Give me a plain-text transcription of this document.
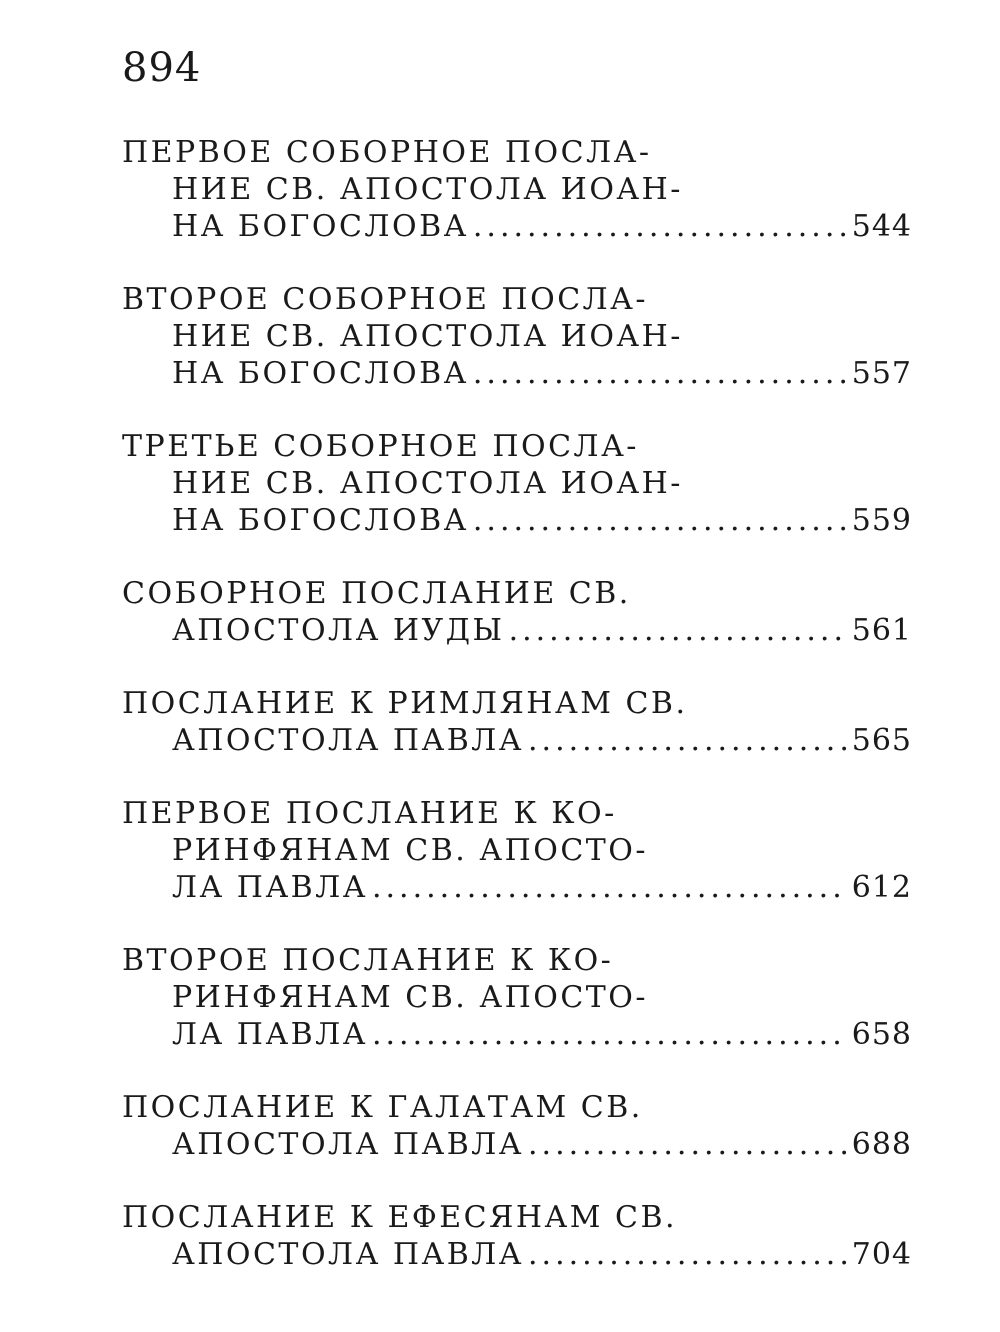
894
ПЕРВОЕ СОБОРНОЕ ПОСЛА-
НИЕ СВ. АПОСТОЛА ИОАН-
НА БОГОСЛОВА .....	544
ВТОРОЕ СОБОРНОЕ ПОСЛА-
НИЕ СВ. АПОСТОЛА ИОАН-
НА БОГОСЛОВА .....	557
ТРЕТЬЕ СОБОРНОЕ ПОСЛА-
НИЕ СВ. АПОСТОЛА ИОАН-
НА БОГОСЛОВА .....	559
СОБОРНОЕ ПОСЛАНИЕ СВ.
АПОСТОЛА ИУДЫ .....	561
ПОСЛАНИЕ К РИМЛЯНАМ СВ.
АПОСТОЛА ПАВЛА .....	565
ПЕРВОЕ ПОСЛАНИЕ К КО-
РИНФЯНАМ СВ. АПОСТО-
ЛА ПАВЛА .....	612
ВТОРОЕ ПОСЛАНИЕ К КО-
РИНФЯНАМ СВ. АПОСТО-
ЛА ПАВЛА .....	658
ПОСЛАНИЕ К ГАЛАТАМ СВ.
АПОСТОЛА ПАВЛА .....	688
ПОСЛАНИЕ К ЕФЕСЯНАМ СВ.
АПОСТОЛА ПАВЛА .....	704
